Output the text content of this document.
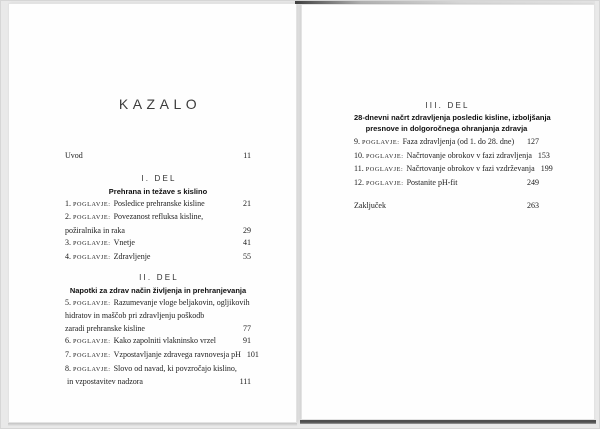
KAZALO
Uvod	11
I. DEL
Prehrana in težave s kislino
1. POGLAVJE: Posledice prehranske kisline	21
2. POGLAVJE: Povezanost refluksa kisline,
požiralnika in raka	29
3. POGLAVJE: Vnetje	41
4. POGLAVJE: Zdravljenje	55
II. DEL
Napotki za zdrav način življenja in prehranjevanja
5. POGLAVJE: Razumevanje vloge beljakovin, ogljikovih
hidratov in maščob pri zdravljenju poškodb
zaradi prehranske kisline	77
6. POGLAVJE: Kako zapolniti vlakninsko vrzel	91
7. POGLAVJE: Vzpostavljanje zdravega ravnovesja pH 101
8. POGLAVJE: Slovo od navad, ki povzročajo kislino,
in vzpostavitev nadzora	111
III. DEL
28-dnevni načrt zdravljenja posledic kisline, izboljšanja
presnove in dolgoročnega ohranjanja zdravja
9. POGLAVJE: Faza zdravljenja (od 1. do 28. dne)	127
10. POGLAVJE: Načrtovanje obrokov v fazi zdravljenja 153
11. POGLAVJE: Načrtovanje obrokov v fazi vzdrževanja 199
12. POGLAVJE: Postanite pH-fit	249
Zaključek	263
